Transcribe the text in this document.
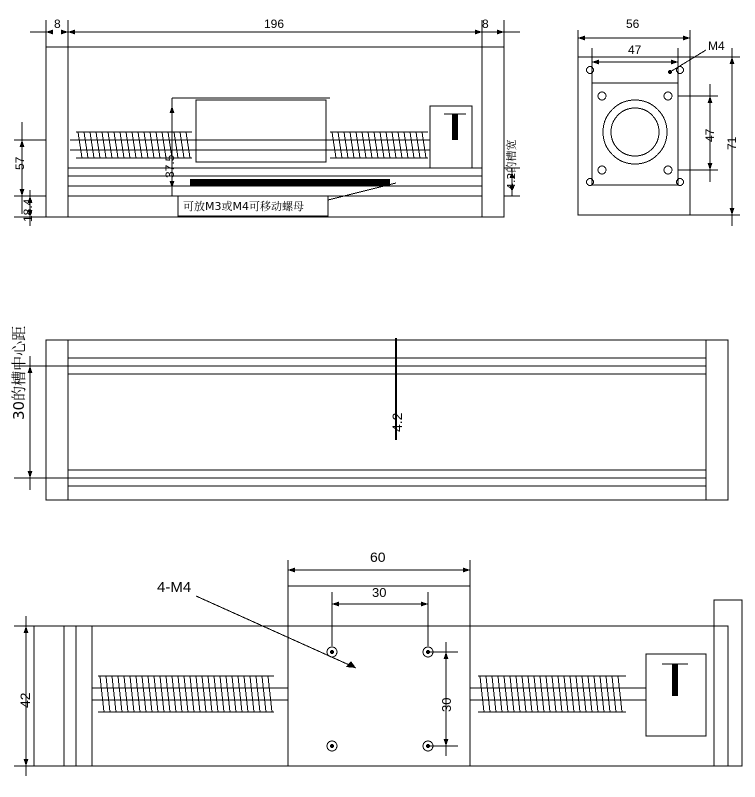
8	196	8
57
18.4
37.5	4.2的槽宽
可放M3或M4可移动螺母
56
47
47
71
M4
30的槽中心距
4.2
42
60
30
30
4-M4
